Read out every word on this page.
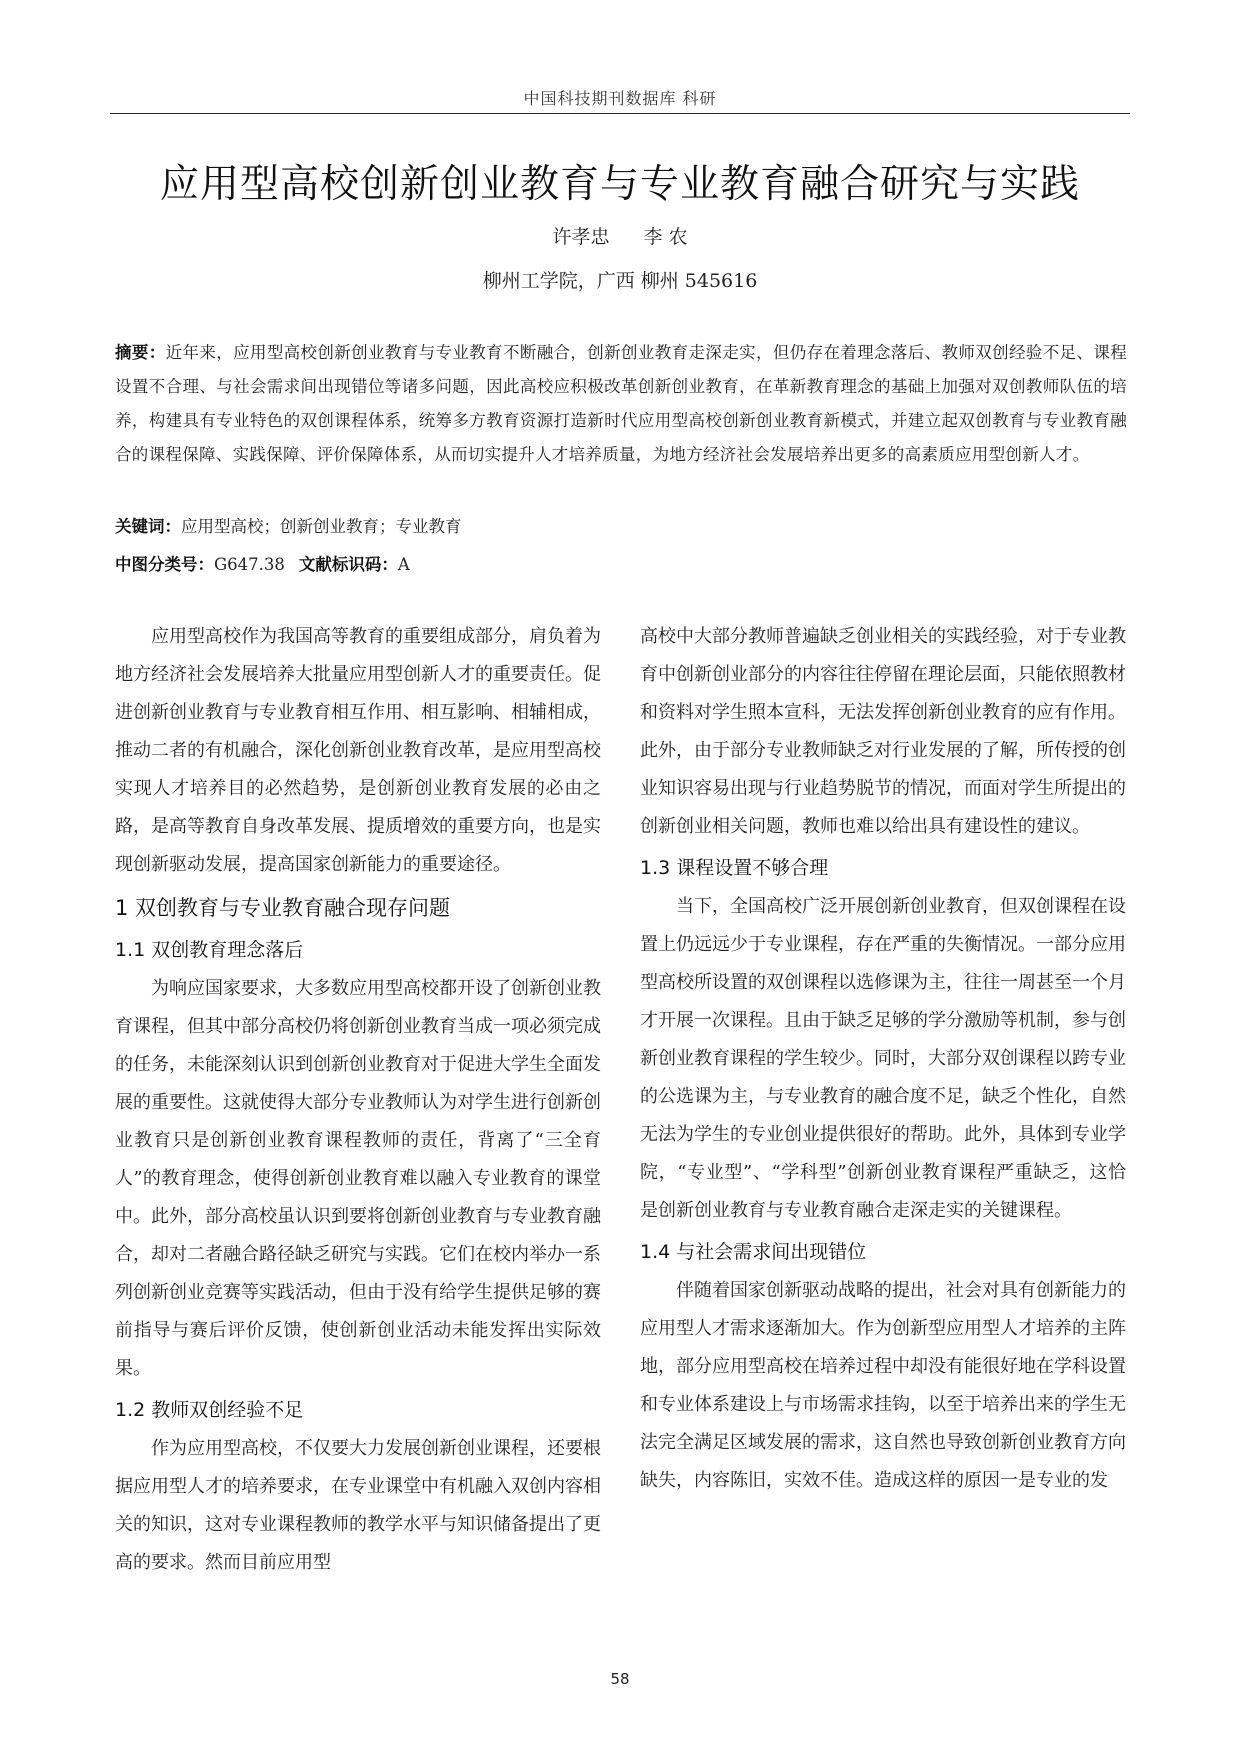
中国科技期刊数据库 科研
应用型高校创新创业教育与专业教育融合研究与实践
许孝忠 李 农
柳州工学院，广西 柳州 545616
摘要：近年来，应用型高校创新创业教育与专业教育不断融合，创新创业教育走深走实，但仍存在着理念落后、教师双创经验不足、课程设置不合理、与社会需求间出现错位等诸多问题，因此高校应积极改革创新创业教育，在革新教育理念的基础上加强对双创教师队伍的培养，构建具有专业特色的双创课程体系，统筹多方教育资源打造新时代应用型高校创新创业教育新模式，并建立起双创教育与专业教育融合的课程保障、实践保障、评价保障体系，从而切实提升人才培养质量，为地方经济社会发展培养出更多的高素质应用型创新人才。
关键词：应用型高校；创新创业教育；专业教育
中图分类号：G647.38 文献标识码：A

应用型高校作为我国高等教育的重要组成部分，肩负着为地方经济社会发展培养大批量应用型创新人才的重要责任。促进创新创业教育与专业教育相互作用、相互影响、相辅相成，推动二者的有机融合，深化创新创业教育改革，是应用型高校实现人才培养目的必然趋势，是创新创业教育发展的必由之路，是高等教育自身改革发展、提质增效的重要方向，也是实现创新驱动发展，提高国家创新能力的重要途径。

1 双创教育与专业教育融合现存问题
1.1 双创教育理念落后

为响应国家要求，大多数应用型高校都开设了创新创业教育课程，但其中部分高校仍将创新创业教育当成一项必须完成的任务，未能深刻认识到创新创业教育对于促进大学生全面发展的重要性。这就使得大部分专业教师认为对学生进行创新创业教育只是创新创业教育课程教师的责任，背离了“三全育人”的教育理念，使得创新创业教育难以融入专业教育的课堂中。此外，部分高校虽认识到要将创新创业教育与专业教育融合，却对二者融合路径缺乏研究与实践。它们在校内举办一系列创新创业竞赛等实践活动，但由于没有给学生提供足够的赛前指导与赛后评价反馈，使创新创业活动未能发挥出实际效果。

1.2 教师双创经验不足

作为应用型高校，不仅要大力发展创新创业课程，还要根据应用型人才的培养要求，在专业课堂中有机融入双创内容相关的知识，这对专业课程教师的教学水平与知识储备提出了更高的要求。然而目前应用型

高校中大部分教师普遍缺乏创业相关的实践经验，对于专业教育中创新创业部分的内容往往停留在理论层面，只能依照教材和资料对学生照本宣科，无法发挥创新创业教育的应有作用。此外，由于部分专业教师缺乏对行业发展的了解，所传授的创业知识容易出现与行业趋势脱节的情况，而面对学生所提出的创新创业相关问题，教师也难以给出具有建设性的建议。

1.3 课程设置不够合理

当下，全国高校广泛开展创新创业教育，但双创课程在设置上仍远远少于专业课程，存在严重的失衡情况。一部分应用型高校所设置的双创课程以选修课为主，往往一周甚至一个月才开展一次课程。且由于缺乏足够的学分激励等机制，参与创新创业教育课程的学生较少。同时，大部分双创课程以跨专业的公选课为主，与专业教育的融合度不足，缺乏个性化，自然无法为学生的专业创业提供很好的帮助。此外，具体到专业学院，“专业型”、“学科型”创新创业教育课程严重缺乏，这恰是创新创业教育与专业教育融合走深走实的关键课程。

1.4 与社会需求间出现错位

伴随着国家创新驱动战略的提出，社会对具有创新能力的应用型人才需求逐渐加大。作为创新型应用型人才培养的主阵地，部分应用型高校在培养过程中却没有能很好地在学科设置和专业体系建设上与市场需求挂钩，以至于培养出来的学生无法完全满足区域发展的需求，这自然也导致创新创业教育方向缺失，内容陈旧，实效不佳。造成这样的原因一是专业的发

58
